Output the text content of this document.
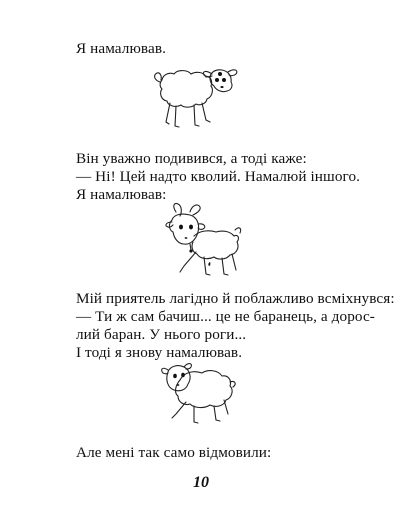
Я намалював.
Він уважно подивився, а тоді каже:
— Ні! Цей надто кволий. Намалюй іншого.
Я намалював:
Мій приятель лагідно й поблажливо всміхнувся:
— Ти ж сам бачиш... це не баранець, а дорос-
лий баран. У нього роги...
І тоді я знову намалював.
Але мені так само відмовили:
10
